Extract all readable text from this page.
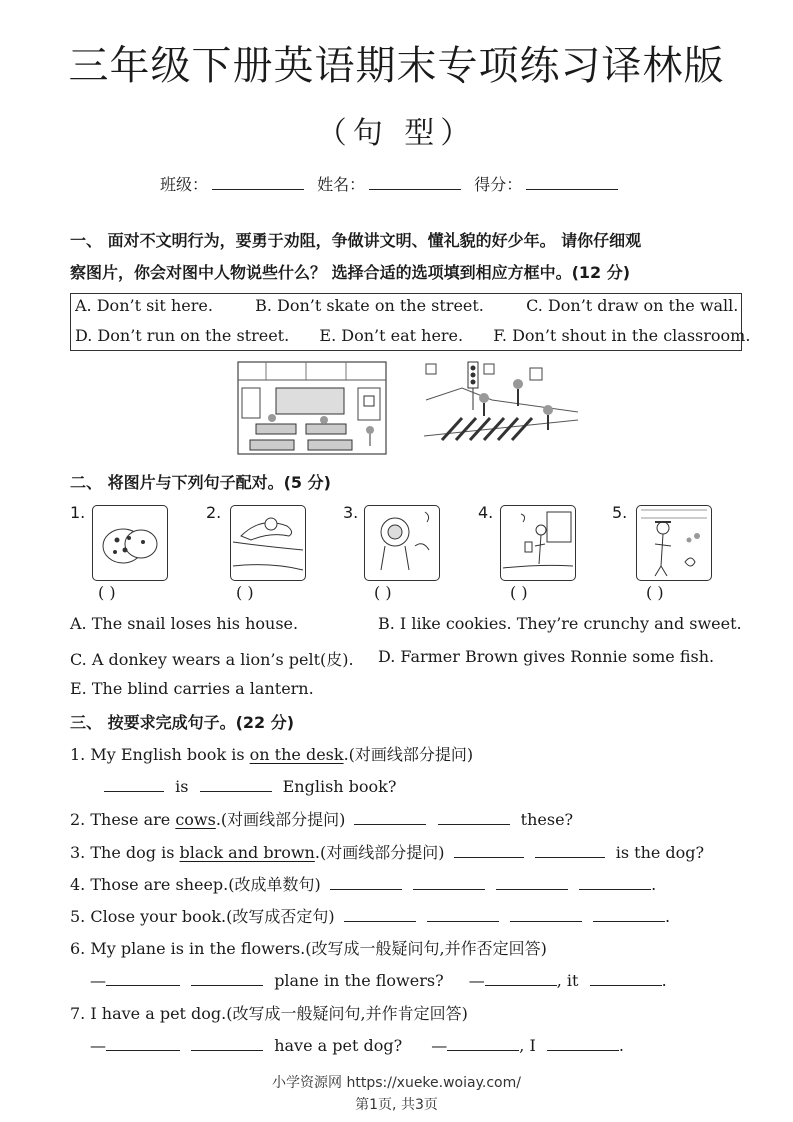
三年级下册英语期末专项练习译林版
（句 型）
班级：	姓名：	得分：
一、 面对不文明行为，要勇于劝阻，争做讲文明、懂礼貌的好少年。 请你仔细观
察图片，你会对图中人物说些什么？ 选择合适的选项填到相应方框中。(12 分)
A. Don’t sit here.	B. Don’t skate on the street.	C. Don’t draw on the wall.
D. Don’t run on the street. E. Don’t eat here. F. Don’t shout in the classroom.
二、 将图片与下列句子配对。(5 分)
1.
( )
2.
( )
3.
( )
4.
( )
5.
( )
A. The snail loses his house.	B. I like cookies. They’re crunchy and sweet.
C. A donkey wears a lion’s pelt(皮). D. Farmer Brown gives Ronnie some fish.
E. The blind carries a lantern.
三、 按要求完成句子。(22 分)
1. My English book is on the desk.(对画线部分提问)
is	English book?
2. These are cows.(对画线部分提问)	these?
3. The dog is black and brown.(对画线部分提问)	is the dog?
4. Those are sheep.(改成单数句)	.
5. Close your book.(改写成否定句)	.
6. My plane is in the flowers.(改写成一般疑问句,并作否定回答)
—	plane in the flowers? —	, it	.
7. I have a pet dog.(改写成一般疑问句,并作肯定回答)
—	have a pet dog? —	, I	.
小学资源网 https://xueke.woiay.com/
第1页, 共3页
